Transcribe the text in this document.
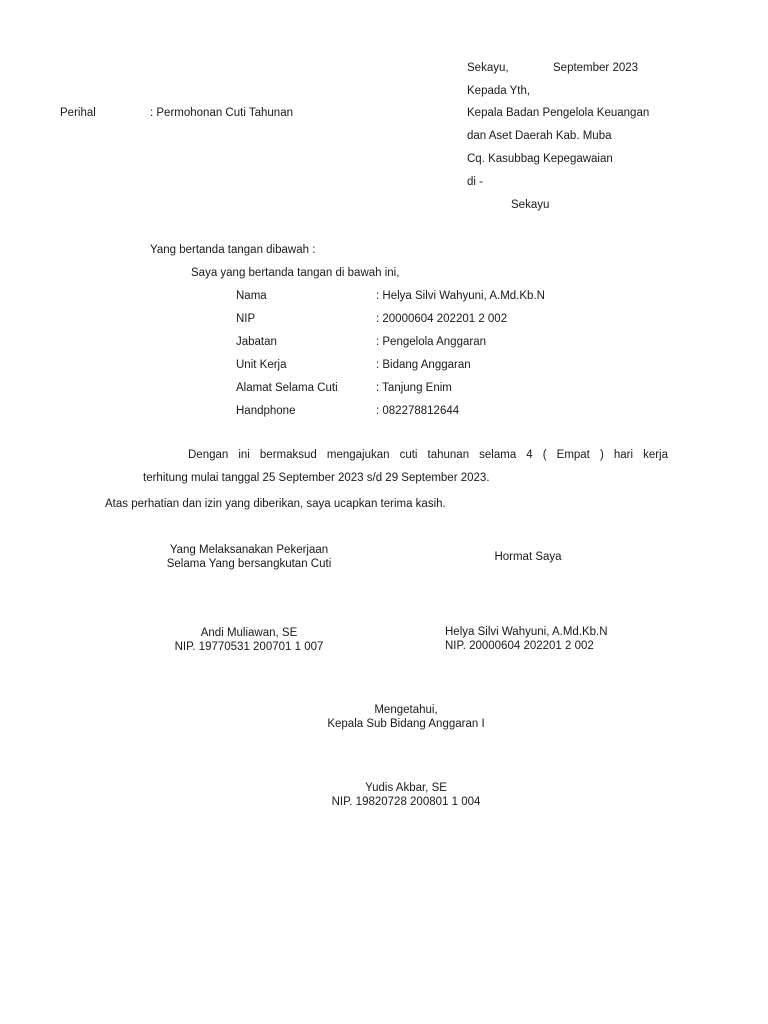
Sekayu,	September 2023
Kepada Yth,
Kepala Badan Pengelola Keuangan
dan Aset Daerah Kab. Muba
Cq. Kasubbag Kepegawaian
di -
Sekayu
Perihal	: Permohonan Cuti Tahunan
Yang bertanda tangan dibawah :
Saya yang bertanda tangan di bawah ini,
Nama	: Helya Silvi Wahyuni, A.Md.Kb.N
NIP	: 20000604 202201 2 002
Jabatan	: Pengelola Anggaran
Unit Kerja	: Bidang Anggaran
Alamat Selama Cuti	: Tanjung Enim
Handphone	: 082278812644
Dengan ini bermaksud mengajukan cuti tahunan selama 4 ( Empat ) hari kerja
terhitung mulai tanggal 25 September 2023 s/d 29 September 2023.
Atas perhatian dan izin yang diberikan, saya ucapkan terima kasih.
Yang Melaksanakan Pekerjaan
Selama Yang bersangkutan Cuti
Andi Muliawan, SE
NIP. 19770531 200701 1 007
Hormat Saya
Helya Silvi Wahyuni, A.Md.Kb.N
NIP. 20000604 202201 2 002
Mengetahui,
Kepala Sub Bidang Anggaran I
Yudis Akbar, SE
NIP. 19820728 200801 1 004
